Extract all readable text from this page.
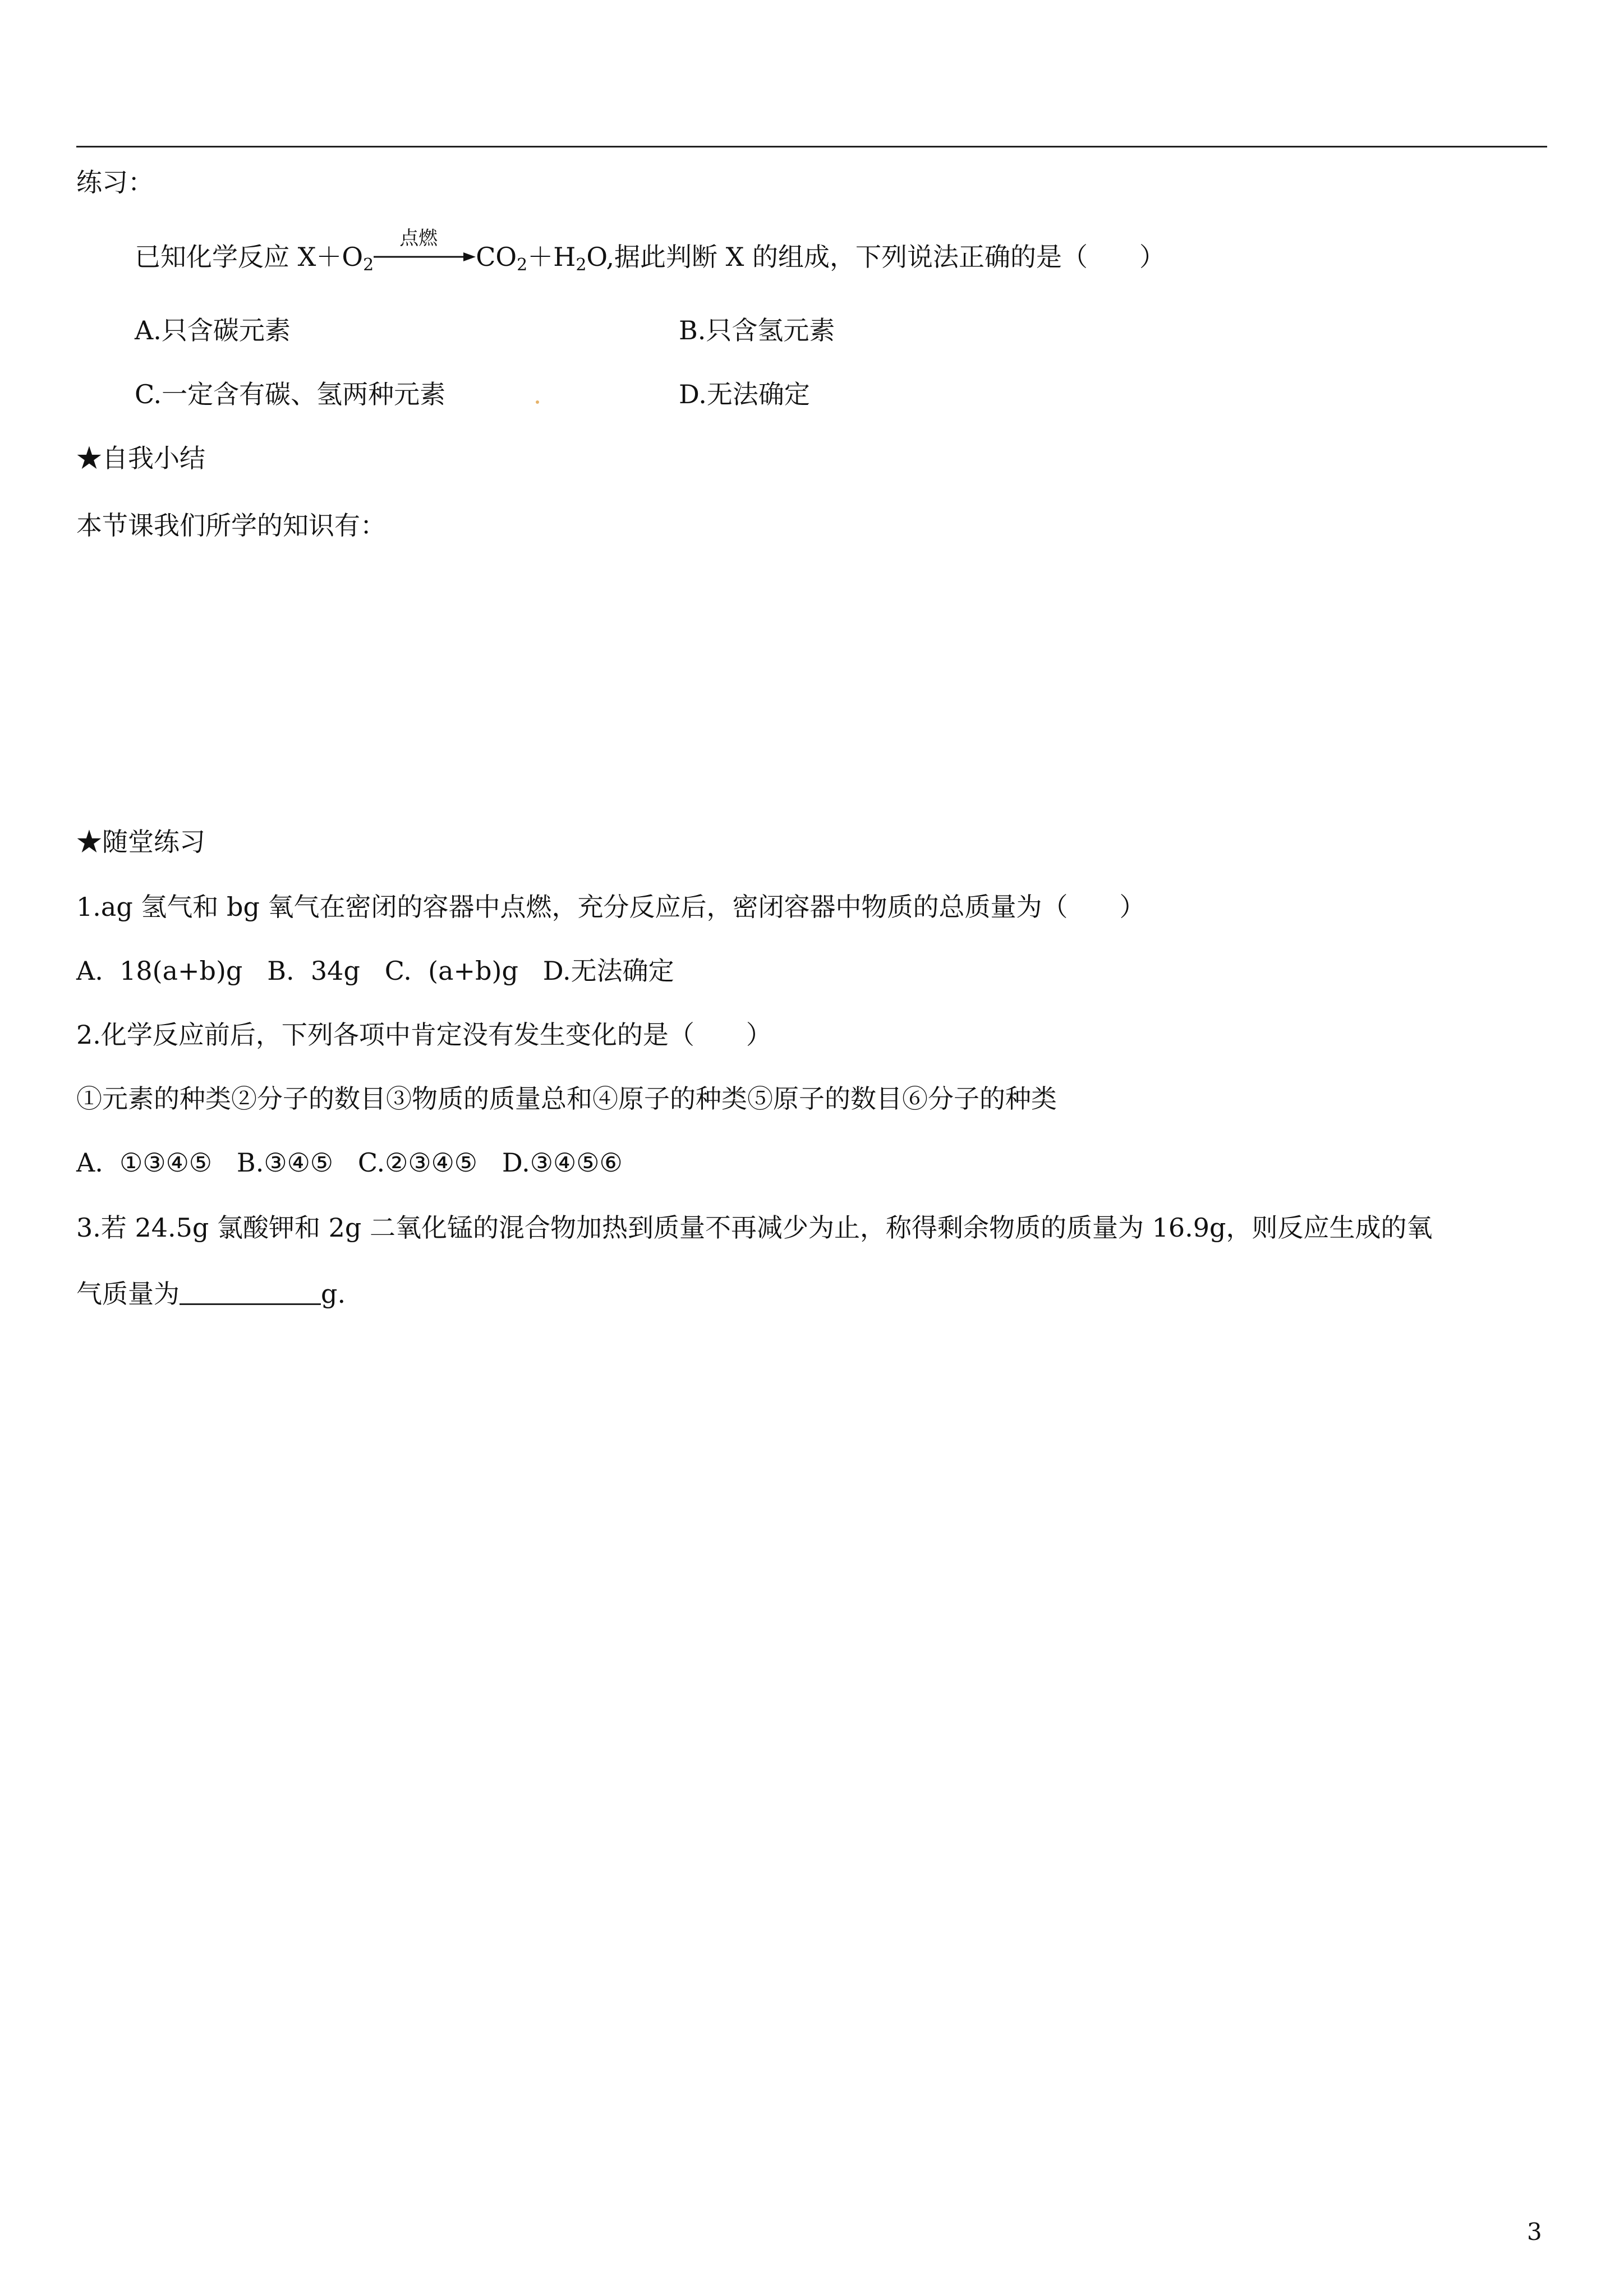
练习：
已知化学反应 $X+O_2$
点燃
$CO_2+H_2O$,据此判断 X 的组成，下列说法正确的是（　　）
A.只含碳元素	B.只含氢元素
C.一定含有碳、氢两种元素	D.无法确定
★自我小结
本节课我们所学的知识有：
★随堂练习
1.ag 氢气和 bg 氧气在密闭的容器中点燃，充分反应后，密闭容器中物质的总质量为（　　）
A.  18(a+b)g   B.  34g   C.  (a+b)g   D.无法确定
2.化学反应前后，下列各项中肯定没有发生变化的是（　　）
①元素的种类②分子的数目③物质的质量总和④原子的种类⑤原子的数目⑥分子的种类
A.  ①③④⑤   B.③④⑤   C.②③④⑤   D.③④⑤⑥
3.若 24.5g 氯酸钾和 2g 二氧化锰的混合物加热到质量不再减少为止，称得剩余物质的质量为 16.9g，则反应生成的氧
气质量为	g.
3
